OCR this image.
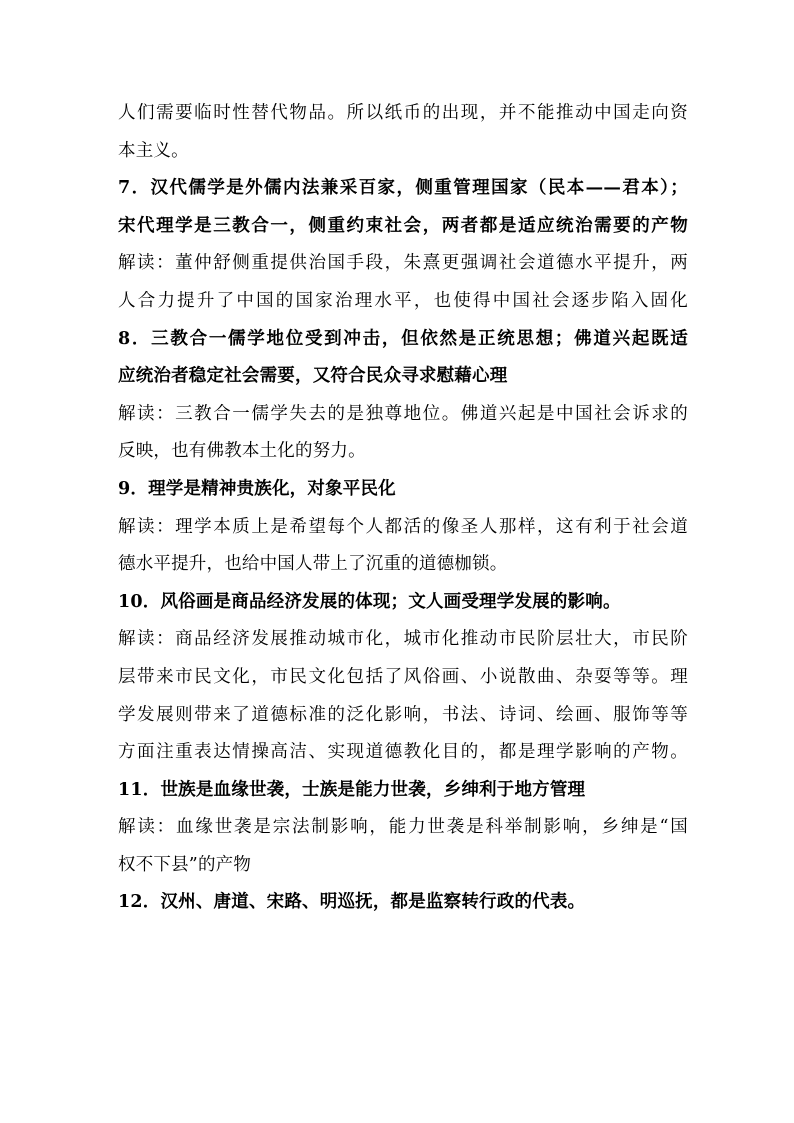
人们需要临时性替代物品。所以纸币的出现，并不能推动中国走向资
本主义。
7．汉代儒学是外儒内法兼采百家，侧重管理国家（民本——君本）；
宋代理学是三教合一，侧重约束社会，两者都是适应统治需要的产物
解读：董仲舒侧重提供治国手段，朱熹更强调社会道德水平提升，两
人合力提升了中国的国家治理水平，也使得中国社会逐步陷入固化
8．三教合一儒学地位受到冲击，但依然是正统思想；佛道兴起既适
应统治者稳定社会需要，又符合民众寻求慰藉心理
解读：三教合一儒学失去的是独尊地位。佛道兴起是中国社会诉求的
反映，也有佛教本土化的努力。
9．理学是精神贵族化，对象平民化
解读：理学本质上是希望每个人都活的像圣人那样，这有利于社会道
德水平提升，也给中国人带上了沉重的道德枷锁。
10．风俗画是商品经济发展的体现；文人画受理学发展的影响。
解读：商品经济发展推动城市化，城市化推动市民阶层壮大，市民阶
层带来市民文化，市民文化包括了风俗画、小说散曲、杂耍等等。理
学发展则带来了道德标准的泛化影响，书法、诗词、绘画、服饰等等
方面注重表达情操高洁、实现道德教化目的，都是理学影响的产物。
11．世族是血缘世袭，士族是能力世袭，乡绅利于地方管理
解读：血缘世袭是宗法制影响，能力世袭是科举制影响，乡绅是“国
权不下县”的产物
12．汉州、唐道、宋路、明巡抚，都是监察转行政的代表。
